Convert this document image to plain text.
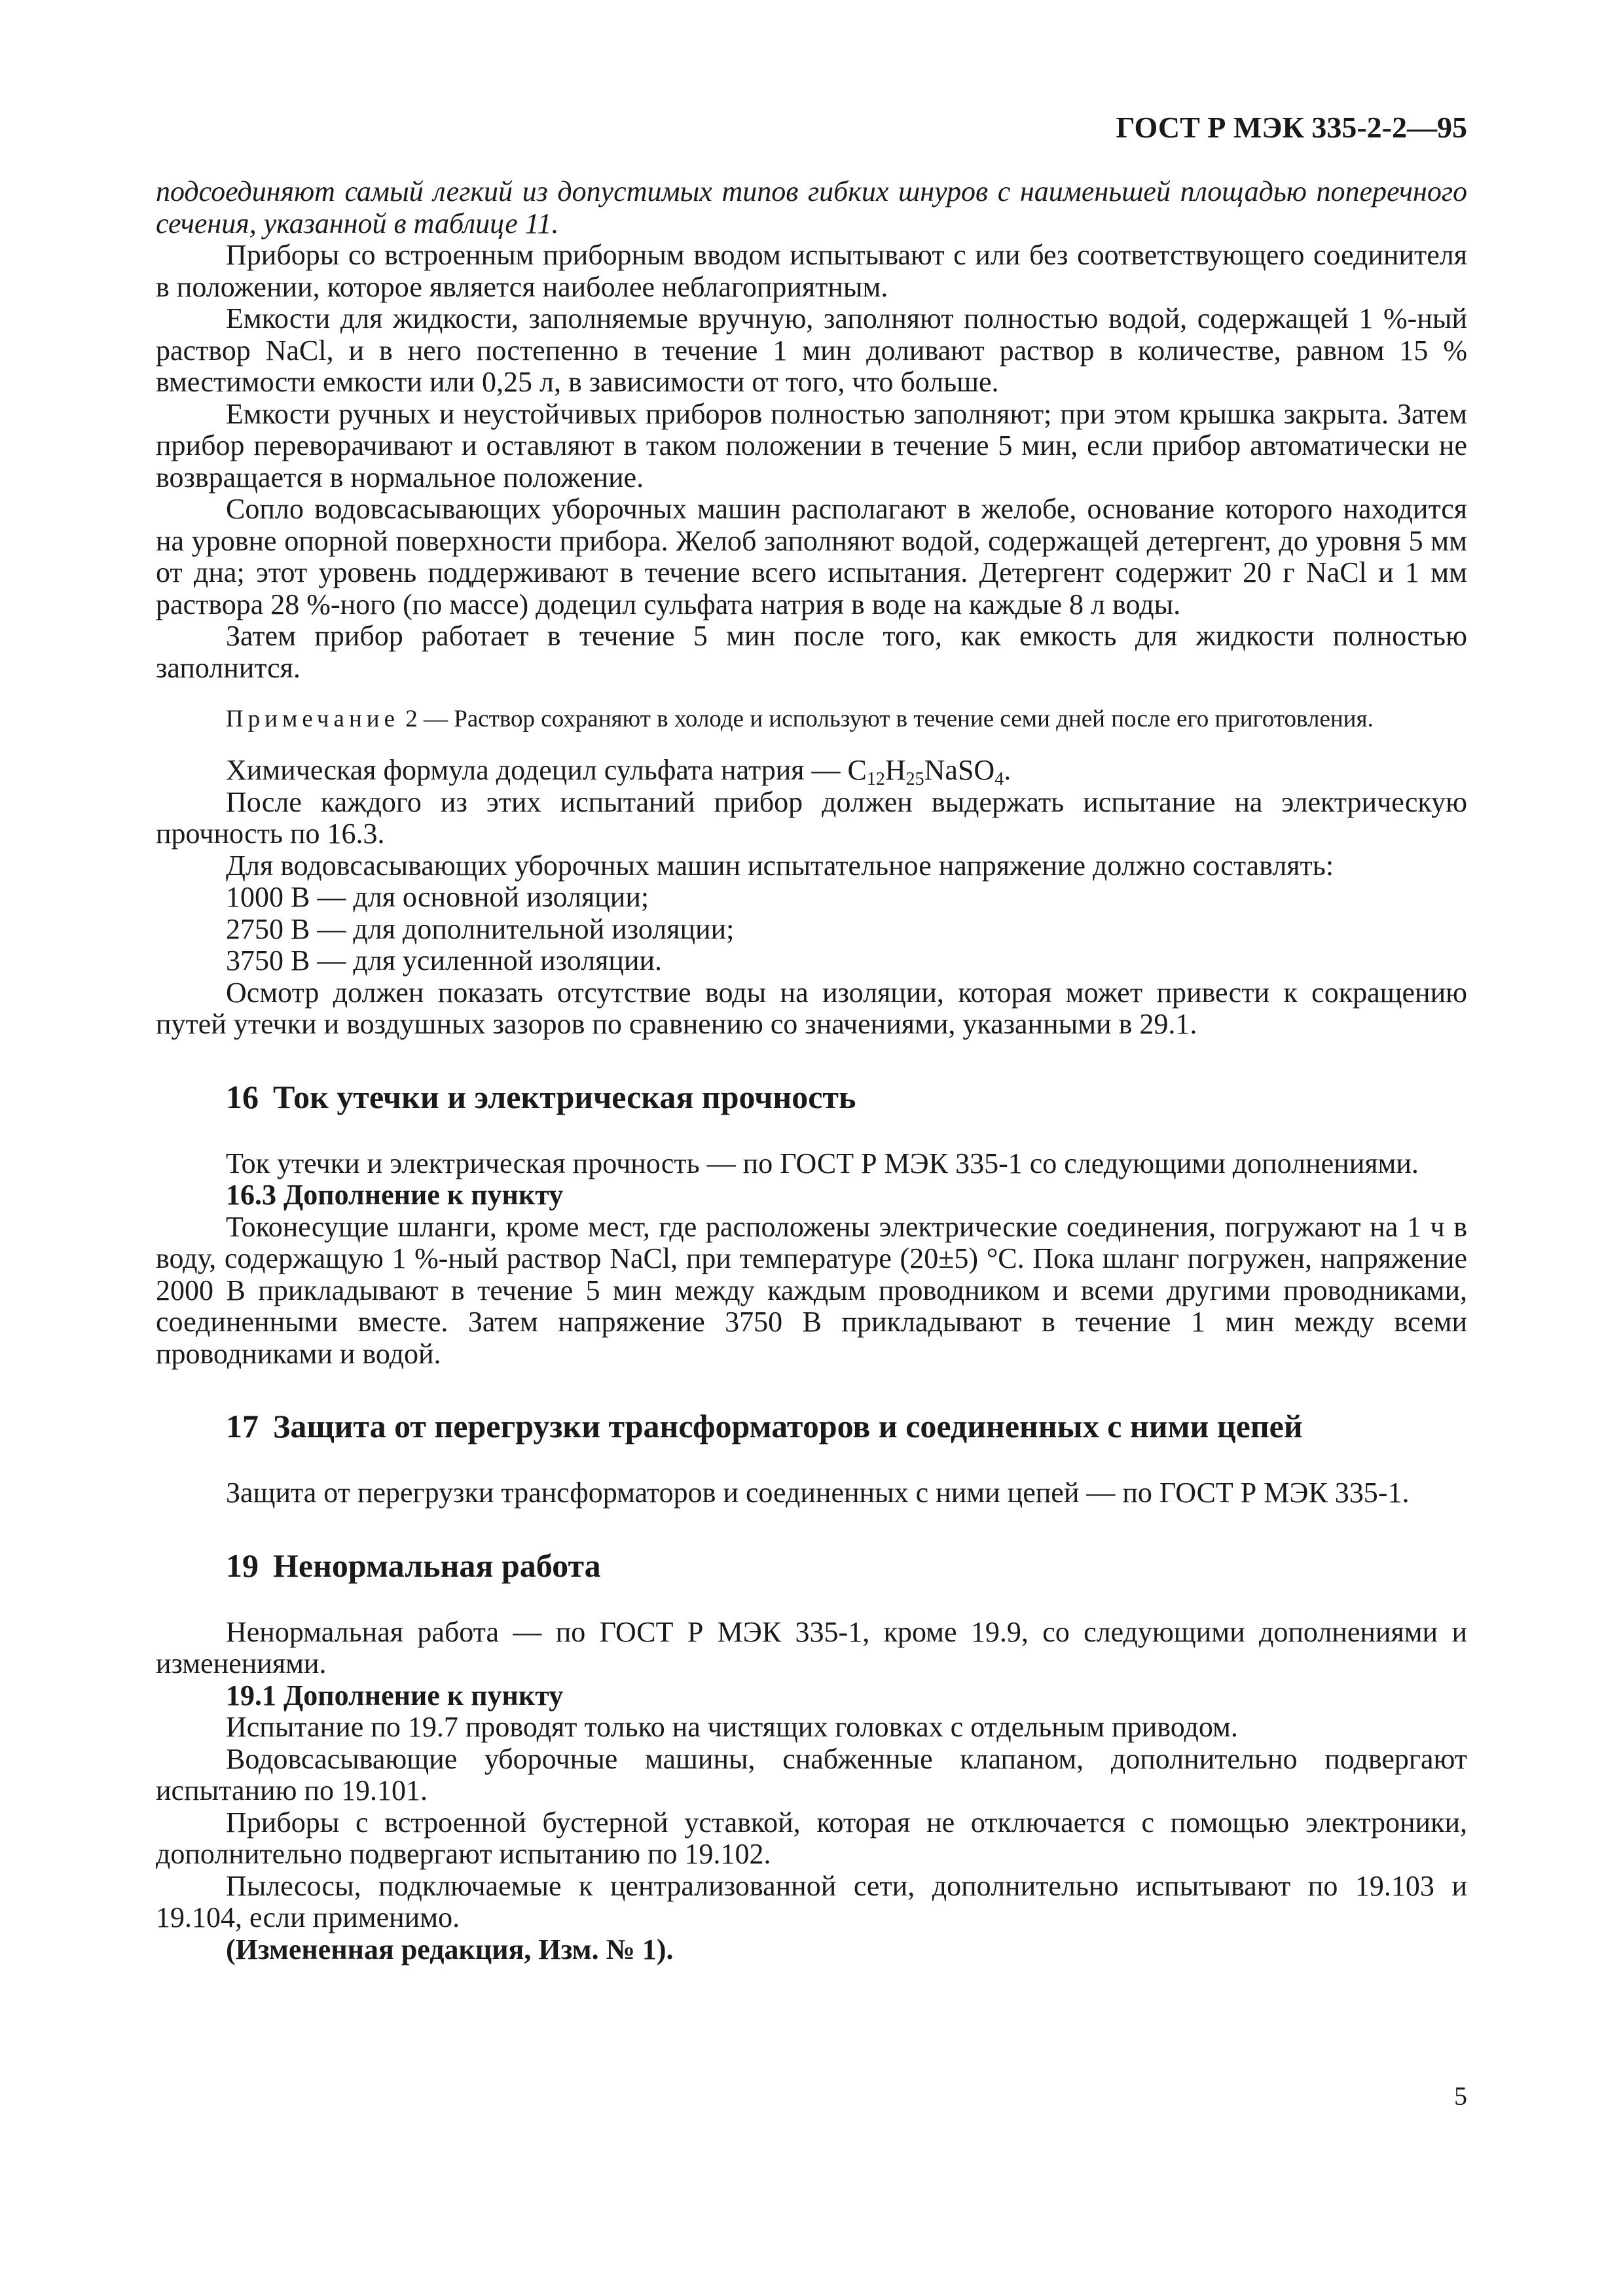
ГОСТ Р МЭК 335-2-2—95

подсоединяют самый легкий из допустимых типов гибких шнуров с наименьшей площадью поперечного сечения, указанной в таблице 11.

Приборы со встроенным приборным вводом испытывают с или без соответствующего соединителя в положении, которое является наиболее неблагоприятным.

Емкости для жидкости, заполняемые вручную, заполняют полностью водой, содержащей 1 %-ный раствор NaCl, и в него постепенно в течение 1 мин доливают раствор в количестве, равном 15 % вместимости емкости или 0,25 л, в зависимости от того, что больше.

Емкости ручных и неустойчивых приборов полностью заполняют; при этом крышка закрыта. Затем прибор переворачивают и оставляют в таком положении в течение 5 мин, если прибор автоматически не возвращается в нормальное положение.

Сопло водовсасывающих уборочных машин располагают в желобе, основание которого находится на уровне опорной поверхности прибора. Желоб заполняют водой, содержащей детергент, до уровня 5 мм от дна; этот уровень поддерживают в течение всего испытания. Детергент содержит 20 г NaCl и 1 мм раствора 28 %-ного (по массе) додецил сульфата натрия в воде на каждые 8 л воды.

Затем прибор работает в течение 5 мин после того, как емкость для жидкости полностью заполнится.

Примечание 2 — Раствор сохраняют в холоде и используют в течение семи дней после его приготовления.

Химическая формула додецил сульфата натрия — $C_{12}H_{25}NaSO_4$.

После каждого из этих испытаний прибор должен выдержать испытание на электрическую прочность по 16.3.

Для водовсасывающих уборочных машин испытательное напряжение должно составлять:

1000 В — для основной изоляции;

2750 В — для дополнительной изоляции;

3750 В — для усиленной изоляции.

Осмотр должен показать отсутствие воды на изоляции, которая может привести к сокращению путей утечки и воздушных зазоров по сравнению со значениями, указанными в 29.1.

16 Ток утечки и электрическая прочность

Ток утечки и электрическая прочность — по ГОСТ Р МЭК 335-1 со следующими дополнениями.

16.3 Дополнение к пункту

Токонесущие шланги, кроме мест, где расположены электрические соединения, погружают на 1 ч в воду, содержащую 1 %-ный раствор NaCl, при температуре (20±5) °С. Пока шланг погружен, напряжение 2000 В прикладывают в течение 5 мин между каждым проводником и всеми другими проводниками, соединенными вместе. Затем напряжение 3750 В прикладывают в течение 1 мин между всеми проводниками и водой.

17 Защита от перегрузки трансформаторов и соединенных с ними цепей

Защита от перегрузки трансформаторов и соединенных с ними цепей — по ГОСТ Р МЭК 335-1.

19 Ненормальная работа

Ненормальная работа — по ГОСТ Р МЭК 335-1, кроме 19.9, со следующими дополнениями и изменениями.

19.1 Дополнение к пункту

Испытание по 19.7 проводят только на чистящих головках с отдельным приводом.

Водовсасывающие уборочные машины, снабженные клапаном, дополнительно подвергают испытанию по 19.101.

Приборы с встроенной бустерной уставкой, которая не отключается с помощью электроники, дополнительно подвергают испытанию по 19.102.

Пылесосы, подключаемые к централизованной сети, дополнительно испытывают по 19.103 и 19.104, если применимо.

(Измененная редакция, Изм. № 1).

5
